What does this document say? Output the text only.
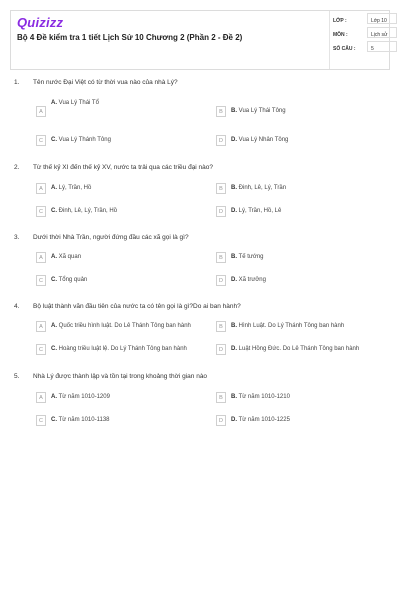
Quizizz
Bộ 4 Đề kiểm tra 1 tiết Lịch Sử 10 Chương 2 (Phần 2 - Đề 2)
LỚP :	Lớp 10
MÔN :	Lịch sử
SỐ CÂU :	5
1. Tên nước Đại Việt có từ thời vua nào của nhà Lý?
A
A. Vua Lý Thái Tổ
B	B. Vua Lý Thái Tông
C	C. Vua Lý Thánh Tông	D	D. Vua Lý Nhân Tông
2. Từ thế kỷ XI đến thế kỷ XV, nước ta trải qua các triều đại nào?
A	A. Lý, Trần, Hồ	B	B. Đinh, Lê, Lý, Trần
C	C. Đinh, Lê, Lý, Trần, Hồ	D	D. Lý, Trần, Hồ, Lê
3. Dưới thời Nhà Trần, người đứng đầu các xã gọi là gì?
A	A. Xã quan	B	B. Tế tướng
C	C. Tổng quản	D	D. Xã trưởng
4. Bộ luật thành văn đầu tiên của nước ta có tên gọi là gì?Do ai ban hành?
A	A. Quốc triều hình luật. Do Lê Thánh Tông ban hành	B	B. Hình Luật. Do Lý Thánh Tông ban hành
C	C. Hoàng triều luật lệ. Do Lý Thánh Tông ban hành	D	D. Luật Hồng Đức. Do Lê Thánh Tông ban hành
5. Nhà Lý được thành lập và tồn tại trong khoảng thời gian nào
A	A. Từ năm 1010-1209	B	B. Từ năm 1010-1210
C	C. Từ năm 1010-1138	D	D. Từ năm 1010-1225
